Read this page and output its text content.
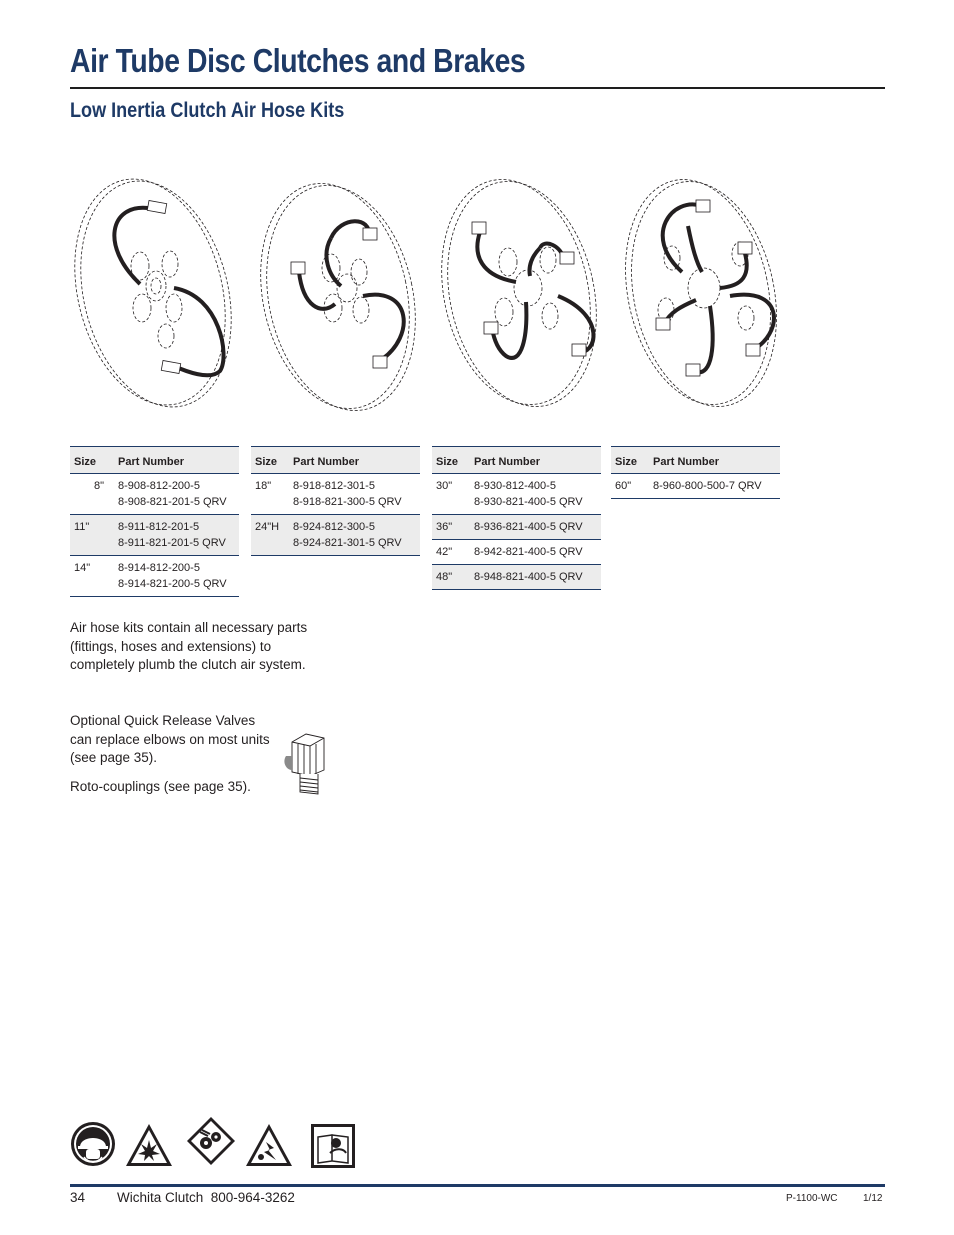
Air Tube Disc Clutches and Brakes
Low Inertia Clutch Air Hose Kits
Size	Part Number
8"	8-908-812-200-5
8-908-821-201-5 QRV

11"	8-911-812-201-5
8-911-821-201-5 QRV

14"	8-914-812-200-5
8-914-821-200-5 QRV
Size	Part Number
18"	8-918-812-301-5
8-918-821-300-5 QRV

24"H	8-924-812-300-5
8-924-821-301-5 QRV
Size	Part Number
30"	8-930-812-400-5
8-930-821-400-5 QRV

36"	8-936-821-400-5 QRV

42"	8-942-821-400-5 QRV

48"	8-948-821-400-5 QRV
Size	Part Number
60"	8-960-800-500-7 QRV

Air hose kits contain all necessary parts (fittings, hoses and extensions) to completely plumb the clutch air system.

Optional Quick Release Valves can replace elbows on most units (see page 35).

Roto-couplings (see page 35).

34 Wichita Clutch  800-964-3262	P-1100-WC	1/12
